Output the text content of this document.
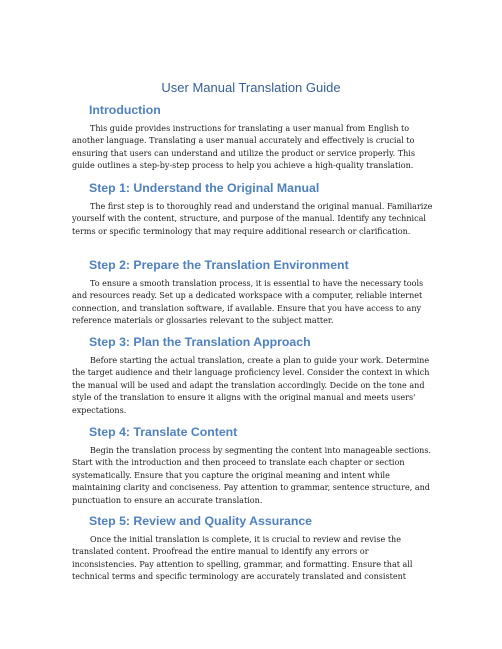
User Manual Translation Guide
Introduction

This guide provides instructions for translating a user manual from English to another language. Translating a user manual accurately and effectively is crucial to ensuring that users can understand and utilize the product or service properly. This guide outlines a step-by-step process to help you achieve a high-quality translation.

Step 1: Understand the Original Manual

The first step is to thoroughly read and understand the original manual. Familiarize yourself with the content, structure, and purpose of the manual. Identify any technical terms or specific terminology that may require additional research or clarification.

Step 2: Prepare the Translation Environment

To ensure a smooth translation process, it is essential to have the necessary tools and resources ready. Set up a dedicated workspace with a computer, reliable internet connection, and translation software, if available. Ensure that you have access to any reference materials or glossaries relevant to the subject matter.

Step 3: Plan the Translation Approach

Before starting the actual translation, create a plan to guide your work. Determine the target audience and their language proficiency level. Consider the context in which the manual will be used and adapt the translation accordingly. Decide on the tone and style of the translation to ensure it aligns with the original manual and meets users' expectations.

Step 4: Translate Content

Begin the translation process by segmenting the content into manageable sections. Start with the introduction and then proceed to translate each chapter or section systematically. Ensure that you capture the original meaning and intent while maintaining clarity and conciseness. Pay attention to grammar, sentence structure, and punctuation to ensure an accurate translation.

Step 5: Review and Quality Assurance

Once the initial translation is complete, it is crucial to review and revise the translated content. Proofread the entire manual to identify any errors or inconsistencies. Pay attention to spelling, grammar, and formatting. Ensure that all technical terms and specific terminology are accurately translated and consistent
